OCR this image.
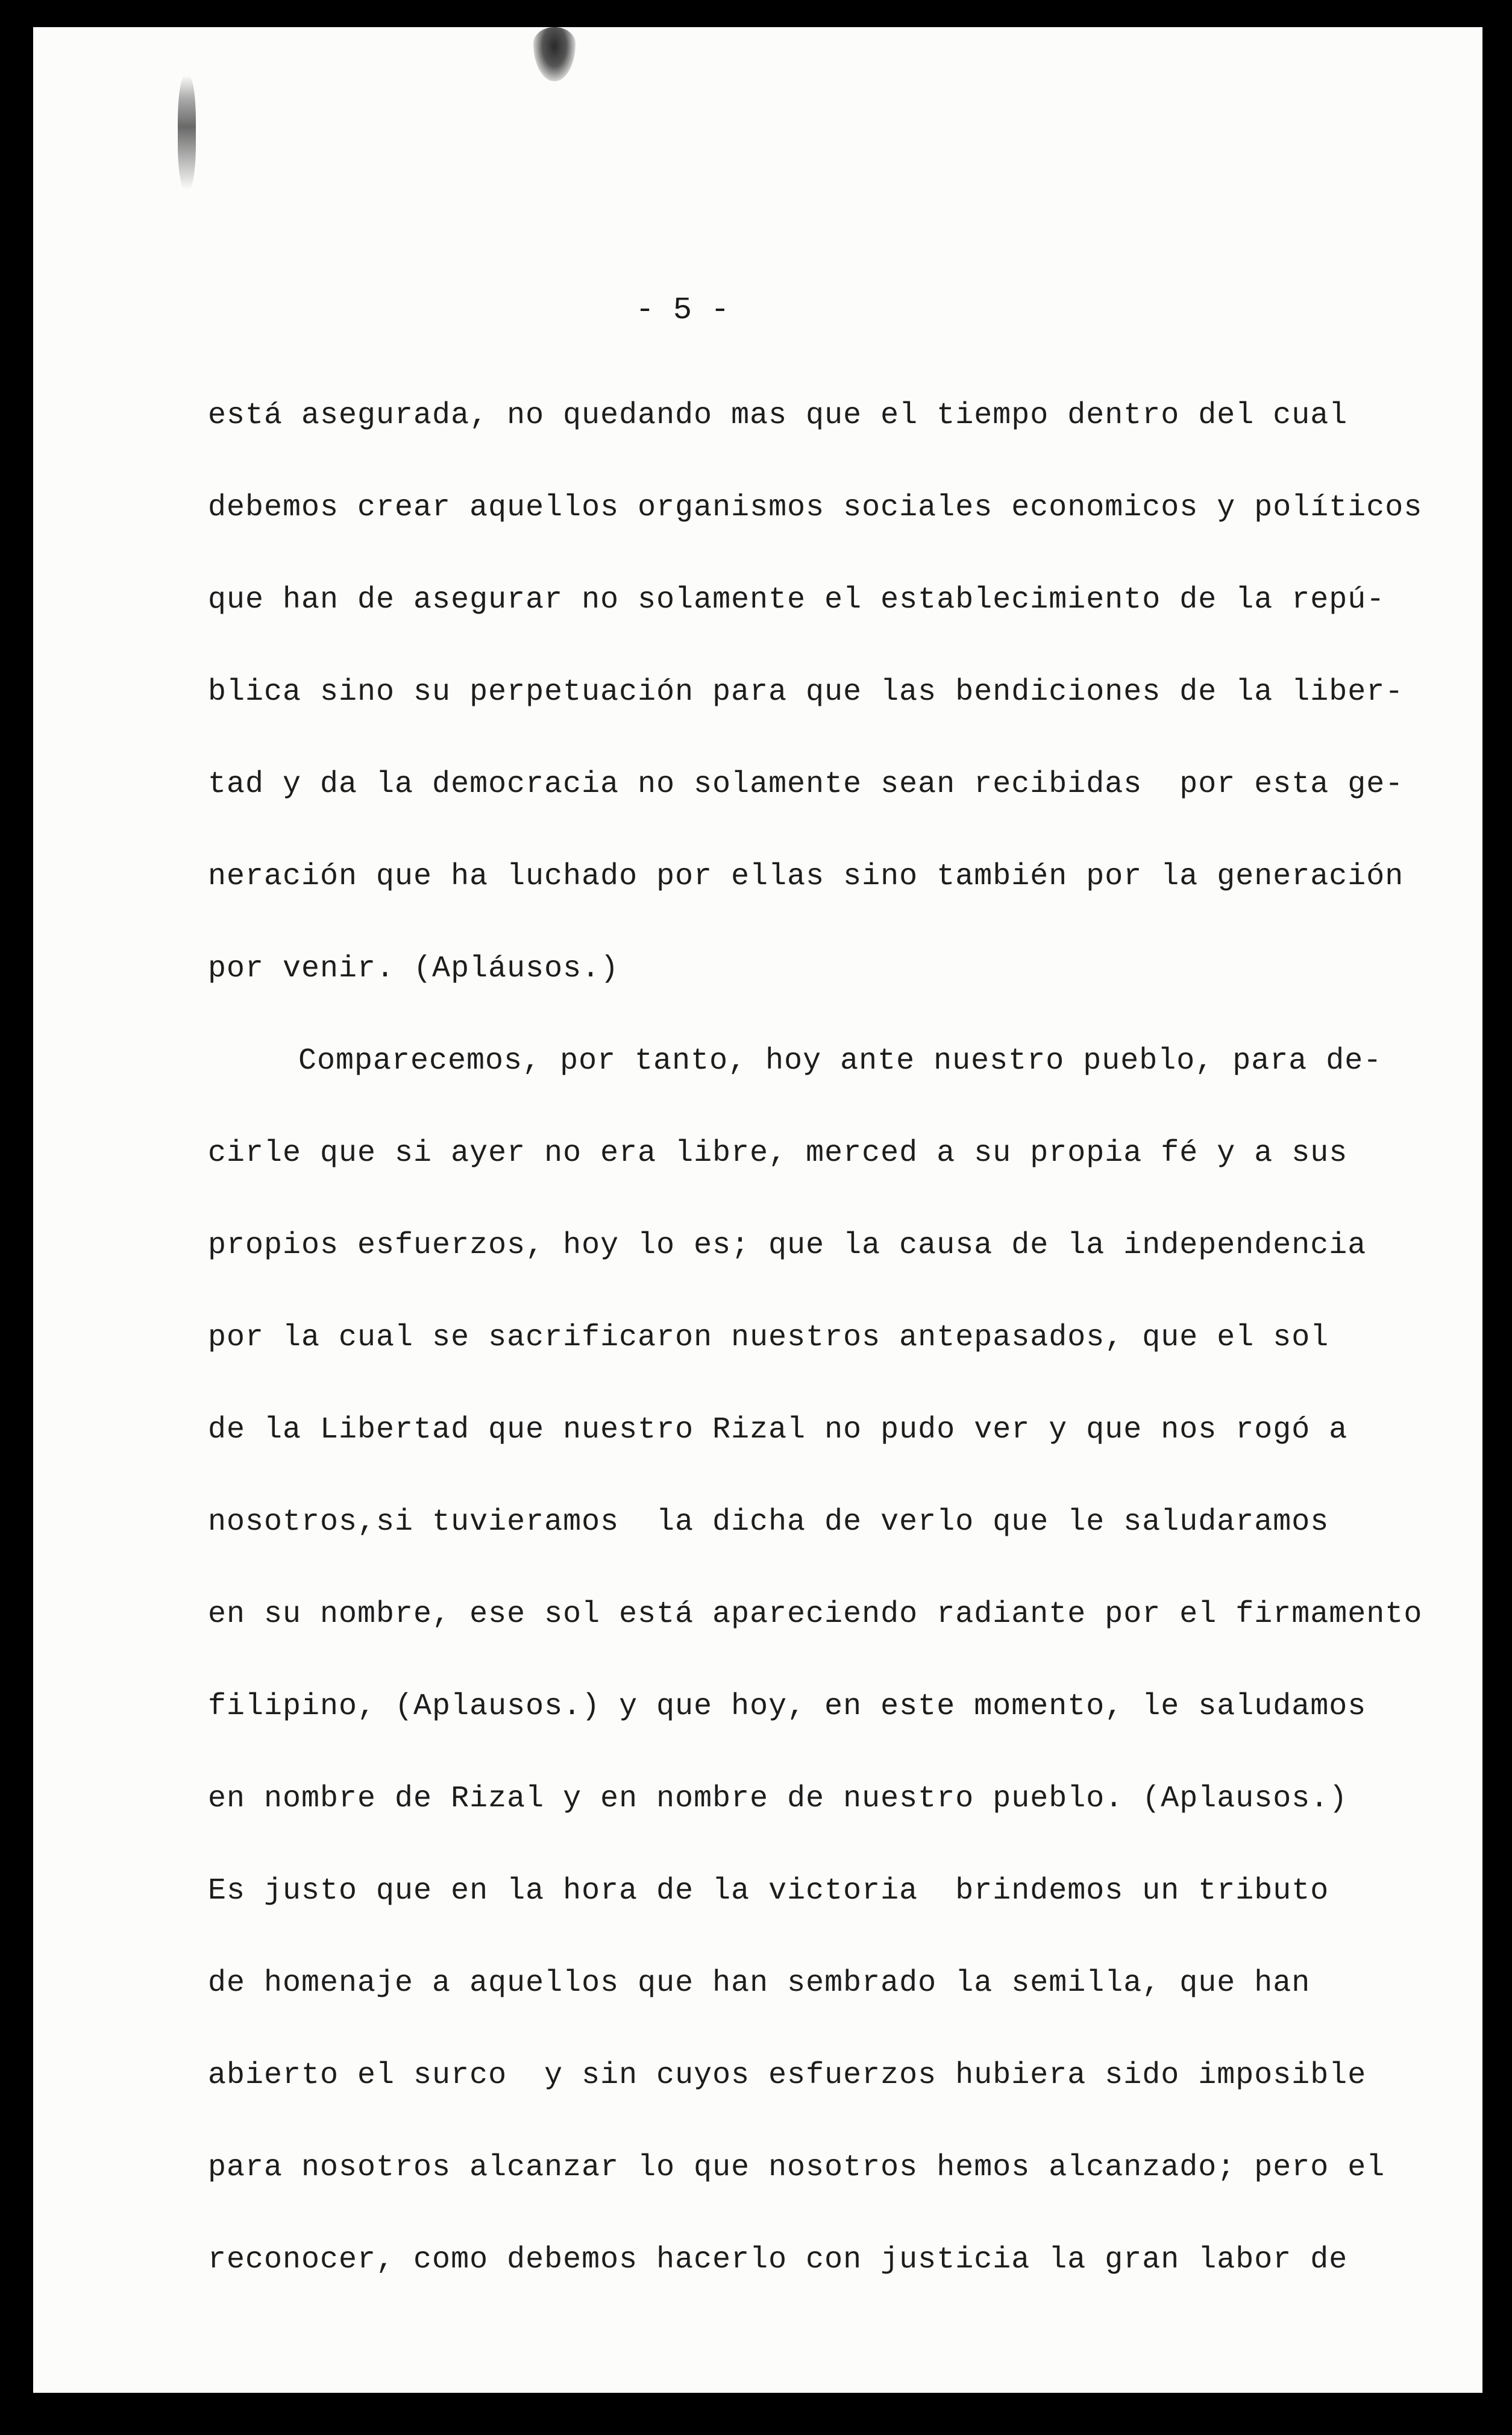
- 5 -
está asegurada, no quedando mas que el tiempo dentro del cual
debemos crear aquellos organismos sociales economicos y políticos
que han de asegurar no solamente el establecimiento de la repú-
blica sino su perpetuación para que las bendiciones de la liber-
tad y da la democracia no solamente sean recibidas  por esta ge-
neración que ha luchado por ellas sino también por la generación
por venir. (Apláusos.)
Comparecemos, por tanto, hoy ante nuestro pueblo, para de-
cirle que si ayer no era libre, merced a su propia fé y a sus
propios esfuerzos, hoy lo es; que la causa de la independencia
por la cual se sacrificaron nuestros antepasados, que el sol
de la Libertad que nuestro Rizal no pudo ver y que nos rogó a
nosotros,si tuvieramos  la dicha de verlo que le saludaramos
en su nombre, ese sol está apareciendo radiante por el firmamento
filipino, (Aplausos.) y que hoy, en este momento, le saludamos
en nombre de Rizal y en nombre de nuestro pueblo. (Aplausos.)
Es justo que en la hora de la victoria  brindemos un tributo
de homenaje a aquellos que han sembrado la semilla, que han
abierto el surco  y sin cuyos esfuerzos hubiera sido imposible
para nosotros alcanzar lo que nosotros hemos alcanzado; pero el
reconocer, como debemos hacerlo con justicia la gran labor de
